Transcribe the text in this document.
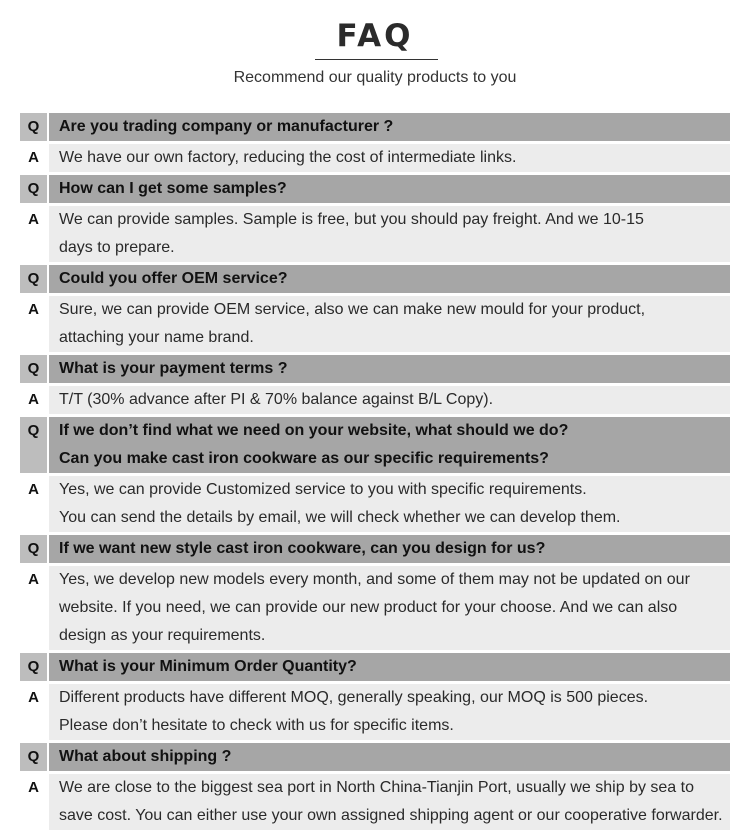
FAQ
Recommend our quality products to you
Q	Are you trading company or manufacturer ?
A	We have our own factory, reducing the cost of intermediate links.
Q	How can I get some samples?
A	We can provide samples. Sample is free, but you should pay freight. And we 10-15
days to prepare.
Q	Could you offer OEM service?
A	Sure, we can provide OEM service, also we can make new mould for your product,
attaching your name brand.
Q	What is your payment terms ?
A	T/T (30% advance after PI & 70% balance against B/L Copy).
Q	If we don’t find what we need on your website, what should we do?
Can you make cast iron cookware as our specific requirements?
A	Yes, we can provide Customized service to you with specific requirements.
You can send the details by email, we will check whether we can develop them.
Q	If we want new style cast iron cookware, can you design for us?
A	Yes, we develop new models every month, and some of them may not be updated on our
website. If you need, we can provide our new product for your choose. And we can also
design as your requirements.
Q	What is your Minimum Order Quantity?
A	Different products have different MOQ, generally speaking, our MOQ is 500 pieces.
Please don’t hesitate to check with us for specific items.
Q	What about shipping ?
A	We are close to the biggest sea port in North China-Tianjin Port, usually we ship by sea to
save cost. You can either use your own assigned shipping agent or our cooperative forwarder.
